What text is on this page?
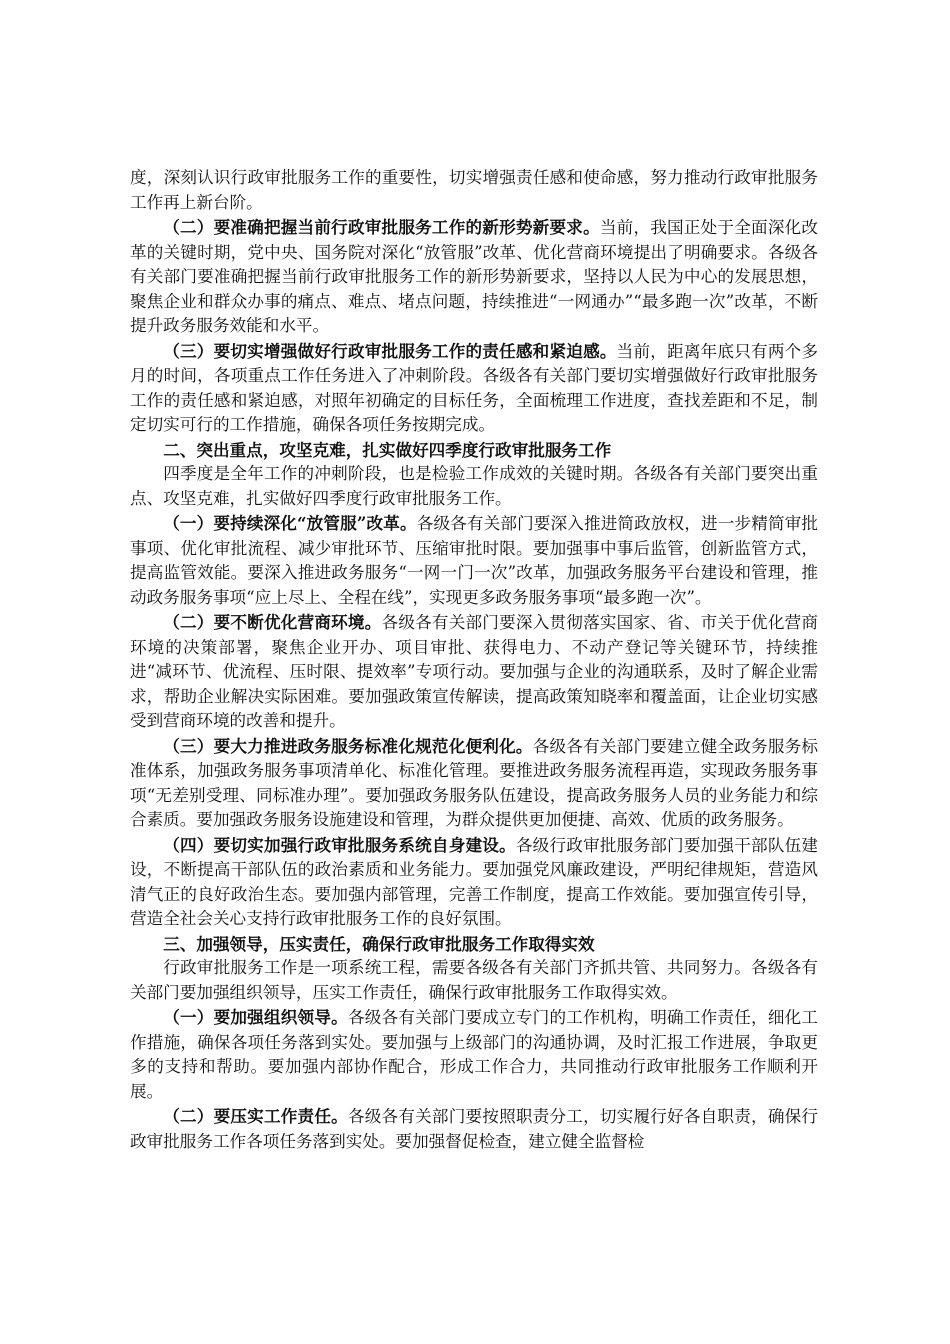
度，深刻认识行政审批服务工作的重要性，切实增强责任感和使命感，努力推动行政审批服务工作再上新台阶。

（二）要准确把握当前行政审批服务工作的新形势新要求。当前，我国正处于全面深化改革的关键时期，党中央、国务院对深化“放管服”改革、优化营商环境提出了明确要求。各级各有关部门要准确把握当前行政审批服务工作的新形势新要求，坚持以人民为中心的发展思想，聚焦企业和群众办事的痛点、难点、堵点问题，持续推进“一网通办”“最多跑一次”改革，不断提升政务服务效能和水平。

（三）要切实增强做好行政审批服务工作的责任感和紧迫感。当前，距离年底只有两个多月的时间，各项重点工作任务进入了冲刺阶段。各级各有关部门要切实增强做好行政审批服务工作的责任感和紧迫感，对照年初确定的目标任务，全面梳理工作进度，查找差距和不足，制定切实可行的工作措施，确保各项任务按期完成。

二、突出重点，攻坚克难，扎实做好四季度行政审批服务工作

四季度是全年工作的冲刺阶段，也是检验工作成效的关键时期。各级各有关部门要突出重点、攻坚克难，扎实做好四季度行政审批服务工作。

（一）要持续深化“放管服”改革。各级各有关部门要深入推进简政放权，进一步精简审批事项、优化审批流程、减少审批环节、压缩审批时限。要加强事中事后监管，创新监管方式，提高监管效能。要深入推进政务服务“一网一门一次”改革，加强政务服务平台建设和管理，推动政务服务事项“应上尽上、全程在线”，实现更多政务服务事项“最多跑一次”。

（二）要不断优化营商环境。各级各有关部门要深入贯彻落实国家、省、市关于优化营商环境的决策部署，聚焦企业开办、项目审批、获得电力、不动产登记等关键环节，持续推进“减环节、优流程、压时限、提效率”专项行动。要加强与企业的沟通联系，及时了解企业需求，帮助企业解决实际困难。要加强政策宣传解读，提高政策知晓率和覆盖面，让企业切实感受到营商环境的改善和提升。

（三）要大力推进政务服务标准化规范化便利化。各级各有关部门要建立健全政务服务标准体系，加强政务服务事项清单化、标准化管理。要推进政务服务流程再造，实现政务服务事项“无差别受理、同标准办理”。要加强政务服务队伍建设，提高政务服务人员的业务能力和综合素质。要加强政务服务设施建设和管理，为群众提供更加便捷、高效、优质的政务服务。

（四）要切实加强行政审批服务系统自身建设。各级行政审批服务部门要加强干部队伍建设，不断提高干部队伍的政治素质和业务能力。要加强党风廉政建设，严明纪律规矩，营造风清气正的良好政治生态。要加强内部管理，完善工作制度，提高工作效能。要加强宣传引导，营造全社会关心支持行政审批服务工作的良好氛围。

三、加强领导，压实责任，确保行政审批服务工作取得实效

行政审批服务工作是一项系统工程，需要各级各有关部门齐抓共管、共同努力。各级各有关部门要加强组织领导，压实工作责任，确保行政审批服务工作取得实效。

（一）要加强组织领导。各级各有关部门要成立专门的工作机构，明确工作责任，细化工作措施，确保各项任务落到实处。要加强与上级部门的沟通协调，及时汇报工作进展，争取更多的支持和帮助。要加强内部协作配合，形成工作合力，共同推动行政审批服务工作顺利开展。

（二）要压实工作责任。各级各有关部门要按照职责分工，切实履行好各自职责，确保行政审批服务工作各项任务落到实处。要加强督促检查，建立健全监督检
